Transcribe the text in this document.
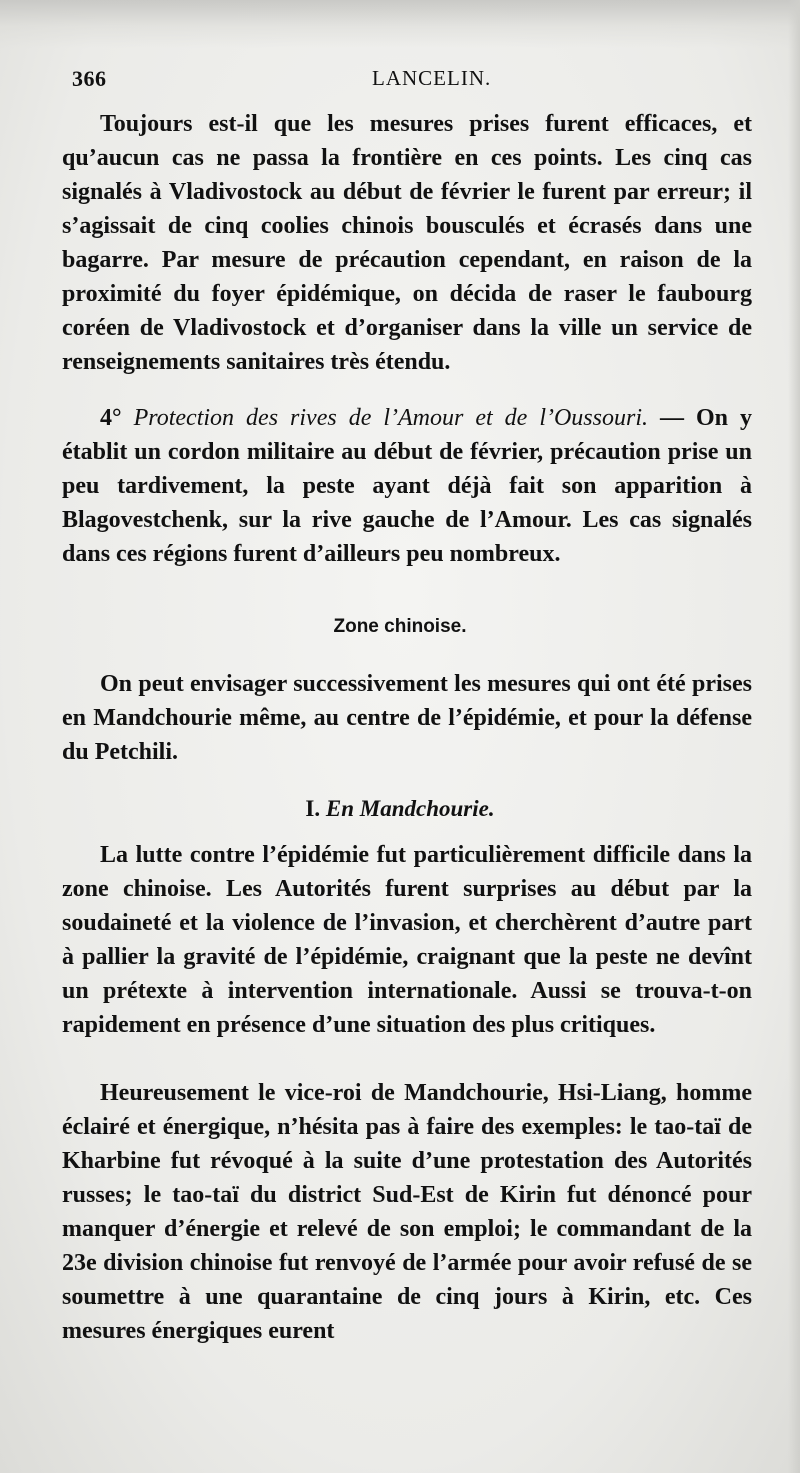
366	LANCELIN.

Toujours est-il que les mesures prises furent efficaces, et qu’aucun cas ne passa la frontière en ces points. Les cinq cas signalés à Vladivostock au début de février le furent par erreur; il s’agissait de cinq coolies chinois bousculés et écrasés dans une bagarre. Par mesure de précaution cependant, en raison de la proximité du foyer épidémique, on décida de raser le faubourg coréen de Vladivostock et d’organiser dans la ville un service de renseignements sanitaires très étendu.

4° Protection des rives de l’Amour et de l’Oussouri. — On y établit un cordon militaire au début de février, précaution prise un peu tardivement, la peste ayant déjà fait son apparition à Blagovestchenk, sur la rive gauche de l’Amour. Les cas signalés dans ces régions furent d’ailleurs peu nombreux.

Zone chinoise.

On peut envisager successivement les mesures qui ont été prises en Mandchourie même, au centre de l’épidémie, et pour la défense du Petchili.

I. En Mandchourie.

La lutte contre l’épidémie fut particulièrement difficile dans la zone chinoise. Les Autorités furent surprises au début par la soudaineté et la violence de l’invasion, et cherchèrent d’autre part à pallier la gravité de l’épidémie, craignant que la peste ne devînt un prétexte à intervention internationale. Aussi se trouva-t-on rapidement en présence d’une situation des plus critiques.

Heureusement le vice-roi de Mandchourie, Hsi-Liang, homme éclairé et énergique, n’hésita pas à faire des exemples: le tao-taï de Kharbine fut révoqué à la suite d’une protestation des Autorités russes; le tao-taï du district Sud-Est de Kirin fut dénoncé pour manquer d’énergie et relevé de son emploi; le commandant de la 23e division chinoise fut renvoyé de l’armée pour avoir refusé de se soumettre à une quarantaine de cinq jours à Kirin, etc. Ces mesures énergiques eurent
